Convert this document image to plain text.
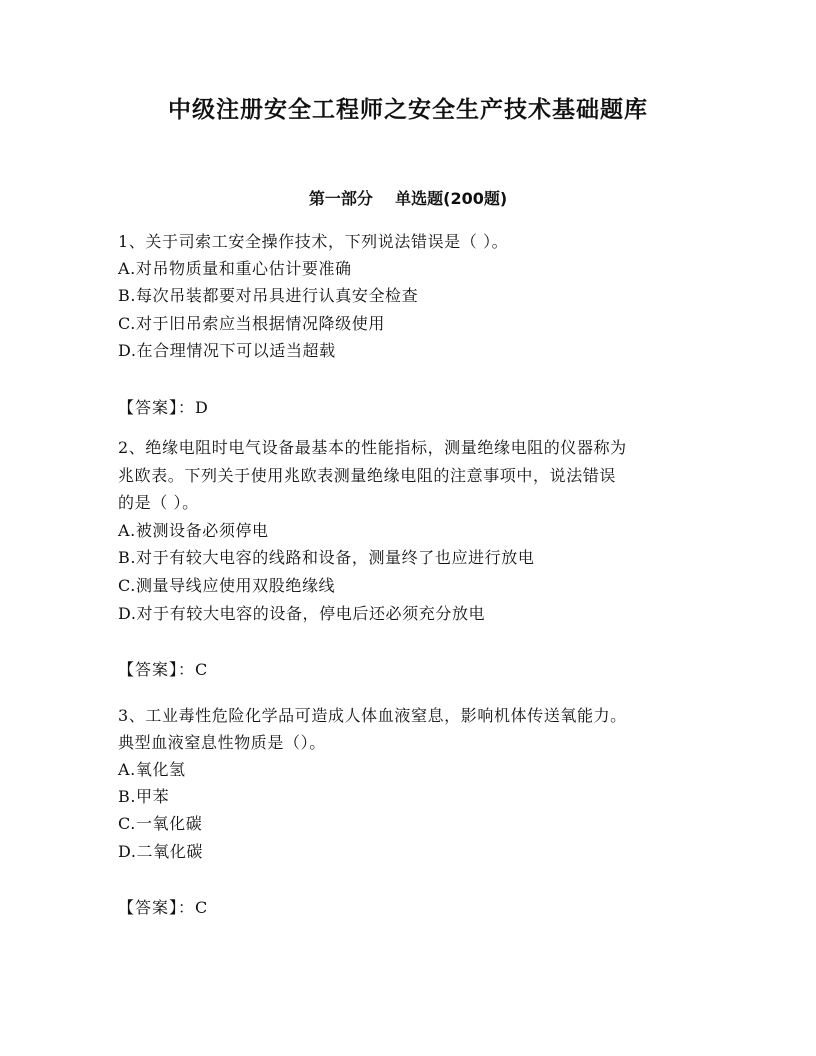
中级注册安全工程师之安全生产技术基础题库
第一部分    单选题(200题)
1、关于司索工安全操作技术，下列说法错误是（ ）。
A.对吊物质量和重心估计要准确
B.每次吊装都要对吊具进行认真安全检查
C.对于旧吊索应当根据情况降级使用
D.在合理情况下可以适当超载
【答案】：D
2、绝缘电阻时电气设备最基本的性能指标，测量绝缘电阻的仪器称为
兆欧表。下列关于使用兆欧表测量绝缘电阻的注意事项中，说法错误
的是（ ）。
A.被测设备必须停电
B.对于有较大电容的线路和设备，测量终了也应进行放电
C.测量导线应使用双股绝缘线
D.对于有较大电容的设备，停电后还必须充分放电
【答案】：C
3、工业毒性危险化学品可造成人体血液窒息，影响机体传送氧能力。
典型血液窒息性物质是（）。
A.氧化氢
B.甲苯
C.一氧化碳
D.二氧化碳
【答案】：C
